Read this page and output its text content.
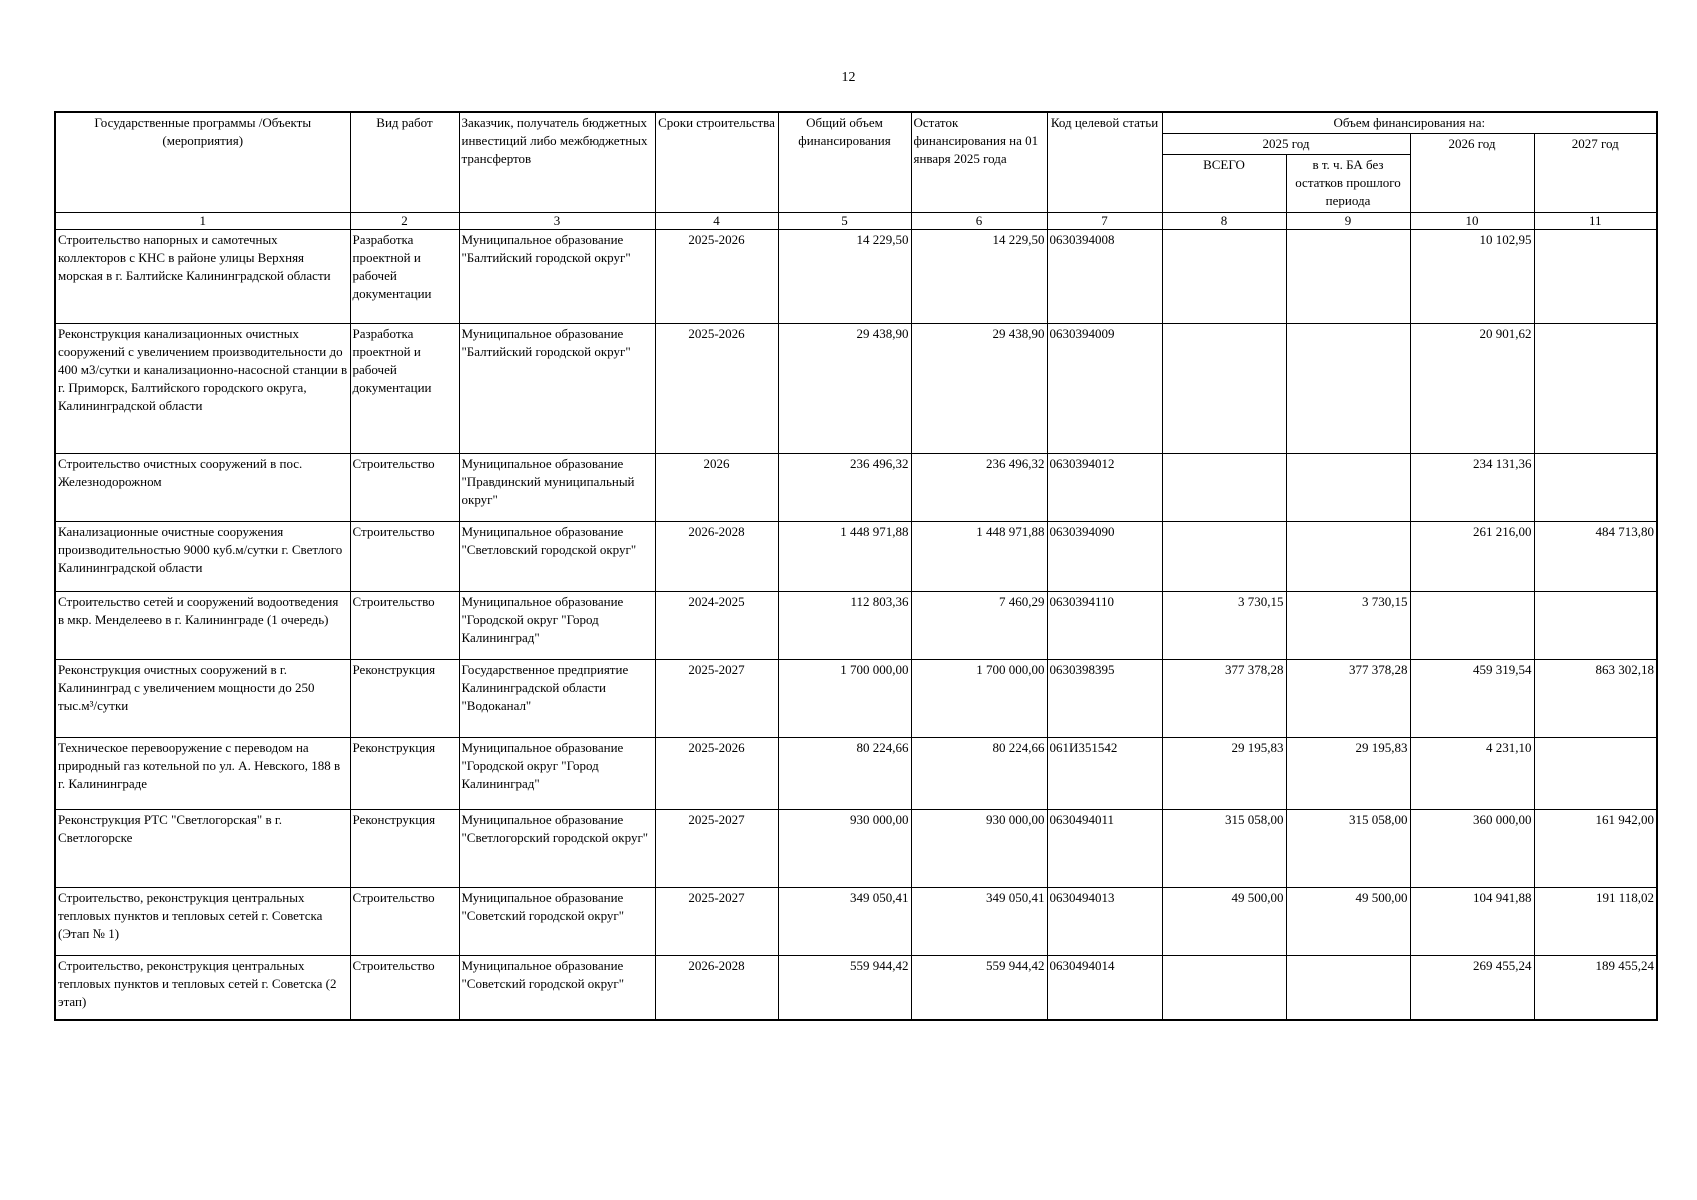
12
Государственные программы /Объекты (мероприятия)	Вид работ	Заказчик, получатель бюджетных инвестиций либо межбюджетных трансфертов	Сроки строительства	Общий объем финансирования	Остаток финансирования на 01 января 2025 года	Код целевой статьи	Объем финансирования на:			
							2025 год		2026 год	2027 год
							ВСЕГО	в т. ч. БА без остатков прошлого периода		
1	2	3	4	5	6	7	8	9	10	11
Строительство напорных и самотечных коллекторов с КНС в районе улицы Верхняя морская в г. Балтийске Калининградской области	Разработка проектной и рабочей документации	Муниципальное образование "Балтийский городской округ"	2025-2026	14 229,50	14 229,50	0630394008			10 102,95	
Реконструкция канализационных очистных сооружений с увеличением производительности до 400 м3/сутки и канализационно-насосной станции в г. Приморск, Балтийского городского округа, Калининградской области	Разработка проектной и рабочей документации	Муниципальное образование "Балтийский городской округ"	2025-2026	29 438,90	29 438,90	0630394009			20 901,62	
Строительство очистных сооружений в пос. Железнодорожном	Строительство	Муниципальное образование "Правдинский муниципальный округ"	2026	236 496,32	236 496,32	0630394012			234 131,36	
Канализационные очистные сооружения производительностью 9000 куб.м/сутки г. Светлого Калининградской области	Строительство	Муниципальное образование "Светловский городской округ"	2026-2028	1 448 971,88	1 448 971,88	0630394090			261 216,00	484 713,80
Строительство сетей и сооружений водоотведения в мкр. Менделеево в г. Калининграде (1 очередь)	Строительство	Муниципальное образование "Городской округ "Город Калининград"	2024-2025	112 803,36	7 460,29	0630394110	3 730,15	3 730,15		
Реконструкция очистных сооружений в г. Калининград с увеличением мощности до 250 тыс.м³/сутки	Реконструкция	Государственное предприятие Калининградской области "Водоканал"	2025-2027	1 700 000,00	1 700 000,00	0630398395	377 378,28	377 378,28	459 319,54	863 302,18
Техническое перевооружение с переводом на природный газ котельной по ул. А. Невского, 188 в г. Калининграде	Реконструкция	Муниципальное образование "Городской округ "Город Калининград"	2025-2026	80 224,66	80 224,66	061И351542	29 195,83	29 195,83	4 231,10	
Реконструкция РТС "Светлогорская" в г. Светлогорске	Реконструкция	Муниципальное образование "Светлогорский городской округ"	2025-2027	930 000,00	930 000,00	0630494011	315 058,00	315 058,00	360 000,00	161 942,00
Строительство, реконструкция центральных тепловых пунктов и тепловых сетей г. Советска (Этап № 1)	Строительство	Муниципальное образование "Советский городской округ"	2025-2027	349 050,41	349 050,41	0630494013	49 500,00	49 500,00	104 941,88	191 118,02
Строительство, реконструкция центральных тепловых пунктов и тепловых сетей г. Советска (2 этап)	Строительство	Муниципальное образование "Советский городской округ"	2026-2028	559 944,42	559 944,42	0630494014			269 455,24	189 455,24
